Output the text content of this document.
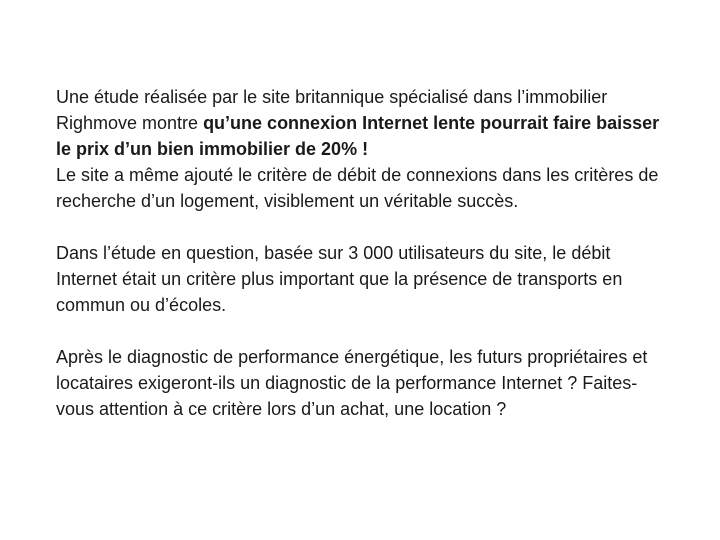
Une étude réalisée par le site britannique spécialisé dans l’immobilier Righmove montre qu’une connexion Internet lente pourrait faire baisser le prix d’un bien immobilier de 20% !
Le site a même ajouté le critère de débit de connexions dans les critères de recherche d’un logement, visiblement un véritable succès.

Dans l’étude en question, basée sur 3 000 utilisateurs du site, le débit Internet était un critère plus important que la présence de transports en commun ou d’écoles.

Après le diagnostic de performance énergétique, les futurs propriétaires et locataires exigeront-ils un diagnostic de la performance Internet ? Faites-vous attention à ce critère lors d’un achat, une location ?
